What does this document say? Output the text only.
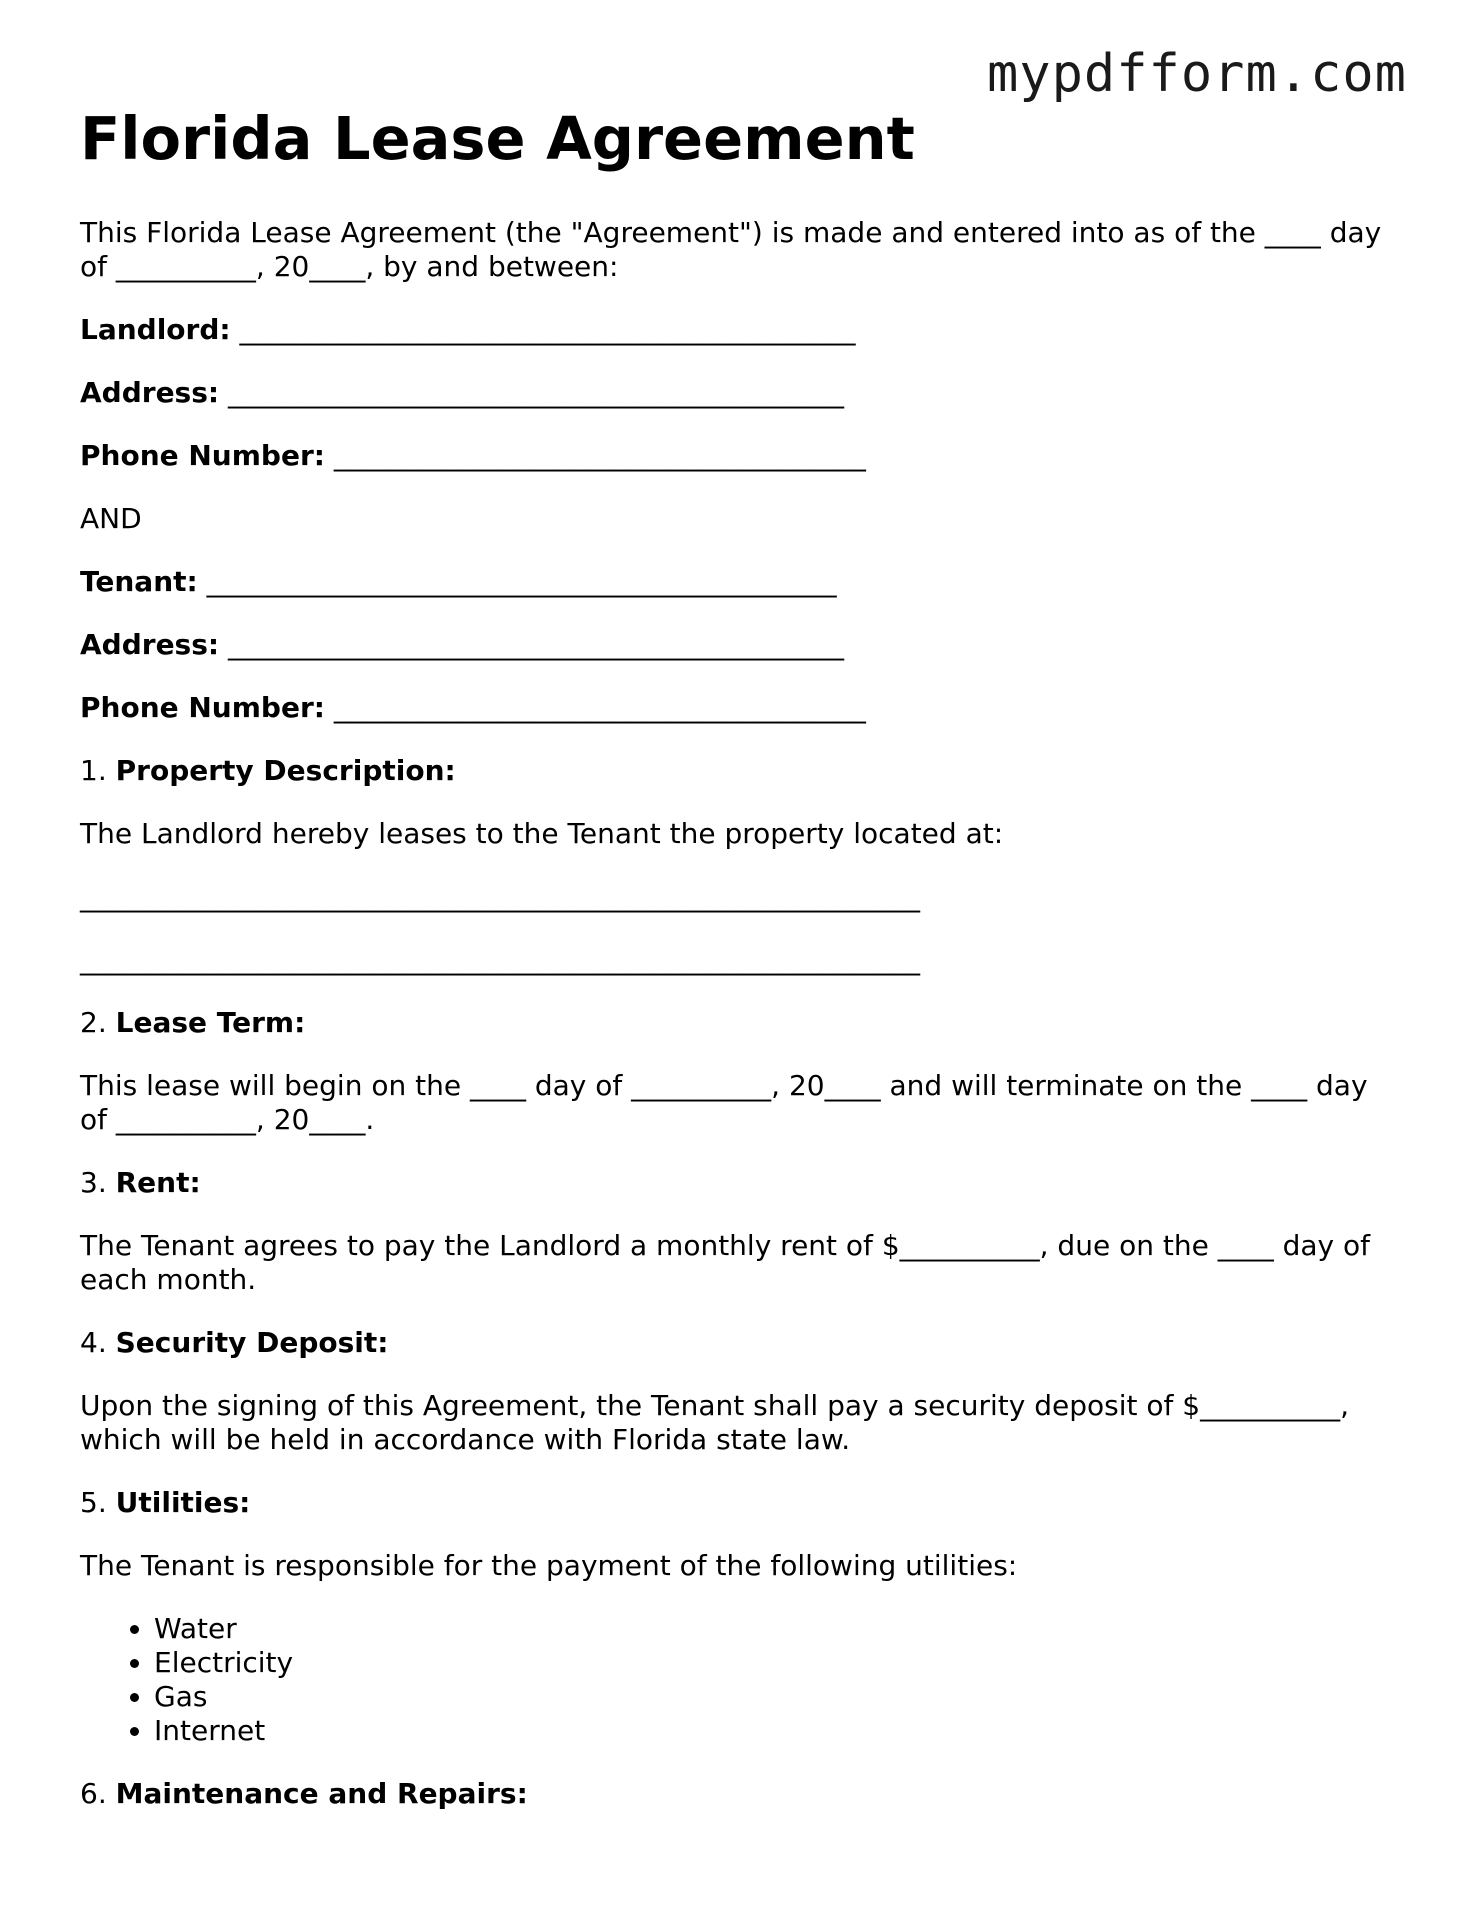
mypdfform.com
Florida Lease Agreement

This Florida Lease Agreement (the "Agreement") is made and entered into as of the ____ day of __________, 20____, by and between:

Landlord: ____________________________________________
Address: ____________________________________________
Phone Number: ______________________________________

AND

Tenant: _____________________________________________
Address: ____________________________________________
Phone Number: ______________________________________
1. Property Description:

The Landlord hereby leases to the Tenant the property located at:

____________________________________________________________
____________________________________________________________
2. Lease Term:

This lease will begin on the ____ day of __________, 20____ and will terminate on the ____ day of __________, 20____.

3. Rent:

The Tenant agrees to pay the Landlord a monthly rent of $__________, due on the ____ day of each month.

4. Security Deposit:

Upon the signing of this Agreement, the Tenant shall pay a security deposit of $__________, which will be held in accordance with Florida state law.

5. Utilities:

The Tenant is responsible for the payment of the following utilities:

• Water
• Electricity
• Gas
• Internet
6. Maintenance and Repairs:
